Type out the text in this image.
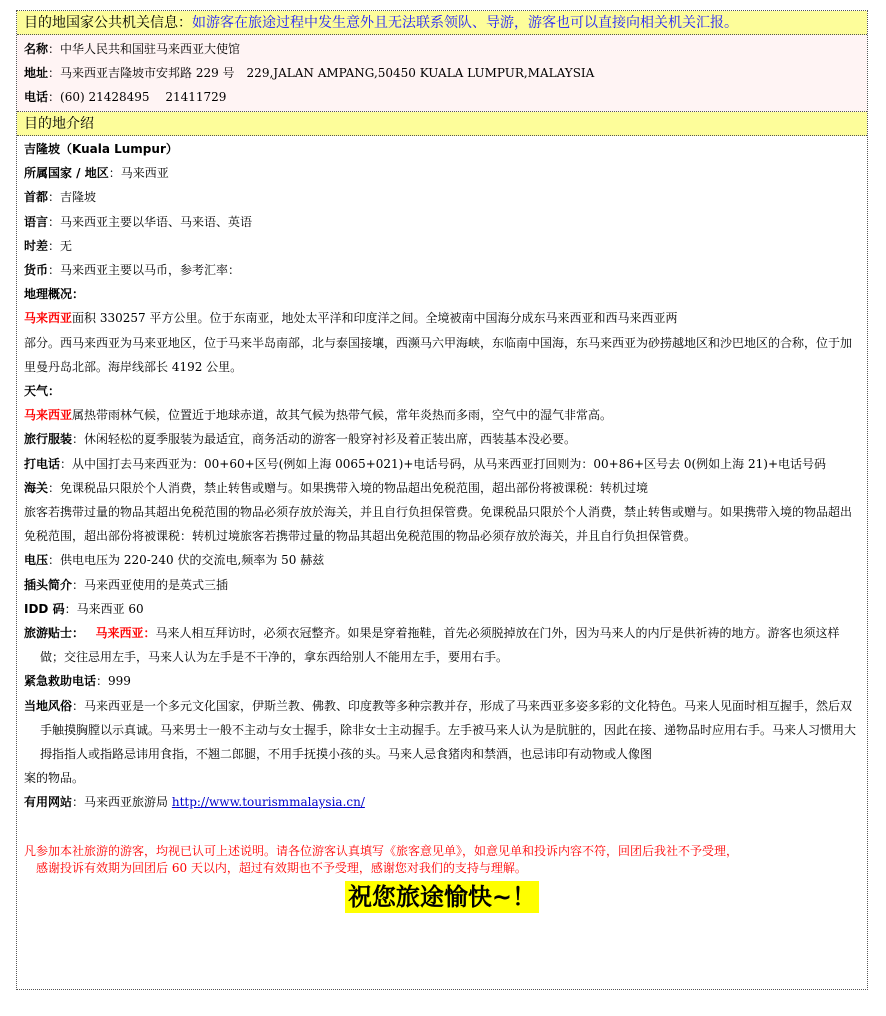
目的地国家公共机关信息：如游客在旅途过程中发生意外且无法联系领队、导游，游客也可以直接向相关机关汇报。
名称：中华人民共和国驻马来西亚大使馆
地址：马来西亚吉隆坡市安邦路 229 号　229,JALAN AMPANG,50450 KUALA LUMPUR,MALAYSIA
电话：(60) 21428495　 21411729
目的地介绍
吉隆坡（Kuala Lumpur）
所属国家 / 地区：马来西亚
首都：吉隆坡
语言：马来西亚主要以华语、马来语、英语
时差：无
货币：马来西亚主要以马币，参考汇率：
地理概况：
马来西亚面积 330257 平方公里。位于东南亚，地处太平洋和印度洋之间。全境被南中国海分成东马来西亚和西马来西亚两
部分。西马来西亚为马来亚地区，位于马来半岛南部，北与泰国接壤，西濒马六甲海峡，东临南中国海，东马来西亚为砂捞越地区和沙巴地区的合称，位于加里曼丹岛北部。海岸线部长 4192 公里。
天气：
马来西亚属热带雨林气候，位置近于地球赤道，故其气候为热带气候，常年炎热而多雨，空气中的湿气非常高。
旅行服装：休闲轻松的夏季服装为最适宜，商务活动的游客一般穿衬衫及着正装出席，西装基本没必要。
打电话：从中国打去马来西亚为：00+60+区号(例如上海 0065+021)+电话号码，从马来西亚打回则为：00+86+区号去 0(例如上海 21)+电话号码
海关：免课税品只限於个人消费，禁止转售或赠与。如果携带入境的物品超出免税范围，超出部份将被课税：转机过境
旅客若携带过量的物品其超出免税范围的物品必须存放於海关，并且自行负担保管费。免课税品只限於个人消费，禁止转售或赠与。如果携带入境的物品超出免税范围，超出部份将被课税：转机过境旅客若携带过量的物品其超出免税范围的物品必须存放於海关，并且自行负担保管费。
电压：供电电压为 220-240 伏的交流电,频率为 50 赫兹
插头简介：马来西亚使用的是英式三插
IDD 码：马来西亚 60
旅游贴士： 马来西亚：马来人相互拜访时，必须衣冠整齐。如果是穿着拖鞋，首先必须脱掉放在门外，因为马来人的内厅是供祈祷的地方。游客也须这样做；交往忌用左手，马来人认为左手是不干净的，拿东西给别人不能用左手，要用右手。
紧急救助电话：999
当地风俗：马来西亚是一个多元文化国家，伊斯兰教、佛教、印度教等多种宗教并存，形成了马来西亚多姿多彩的文化特色。马来人见面时相互握手，然后双手触摸胸膛以示真诚。马来男士一般不主动与女士握手，除非女士主动握手。左手被马来人认为是肮脏的，因此在接、递物品时应用右手。马来人习惯用大拇指指人或指路忌讳用食指，不翘二郎腿，不用手抚摸小孩的头。马来人忌食猪肉和禁酒，也忌讳印有动物或人像图
案的物品。
有用网站：马来西亚旅游局 http://www.tourismmalaysia.cn/
凡参加本社旅游的游客，均视已认可上述说明。请各位游客认真填写《旅客意见单》，如意见单和投诉内容不符，回团后我社不予受理，
感谢投诉有效期为回团后 60 天以内，超过有效期也不予受理，感谢您对我们的支持与理解。
祝您旅途愉快~！
